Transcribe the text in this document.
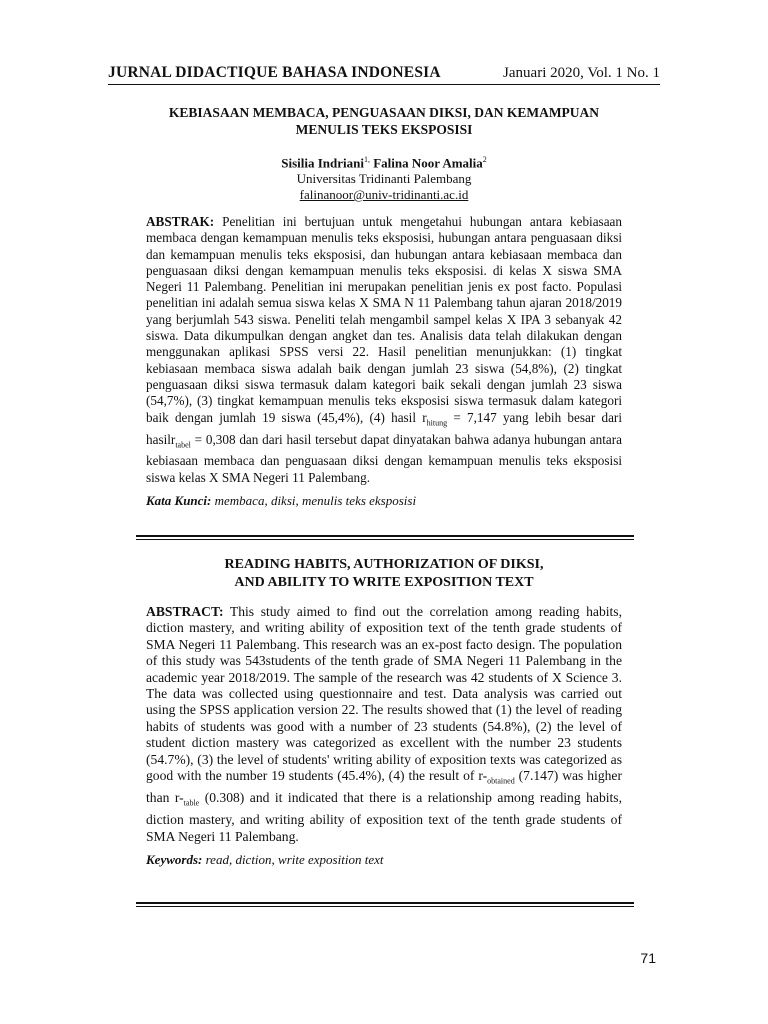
JURNAL DIDACTIQUE BAHASA INDONESIA	Januari 2020, Vol. 1 No. 1
KEBIASAAN MEMBACA, PENGUASAAN DIKSI, DAN KEMAMPUAN
MENULIS TEKS EKSPOSISI
Sisilia Indriani$^{1,}$ Falina Noor Amalia$^2$
Universitas Tridinanti Palembang
falinanoor@univ-tridinanti.ac.id
ABSTRAK: Penelitian ini bertujuan untuk mengetahui hubungan antara kebiasaan membaca dengan kemampuan menulis teks eksposisi, hubungan antara penguasaan diksi dan kemampuan menulis teks eksposisi, dan hubungan antara kebiasaan membaca dan penguasaan diksi dengan kemampuan menulis teks eksposisi. di kelas X siswa SMA Negeri 11 Palembang. Penelitian ini merupakan penelitian jenis ex post facto. Populasi penelitian ini adalah semua siswa kelas X SMA N 11 Palembang tahun ajaran 2018/2019 yang berjumlah 543 siswa. Peneliti telah mengambil sampel kelas X IPA 3 sebanyak 42 siswa. Data dikumpulkan dengan angket dan tes. Analisis data telah dilakukan dengan menggunakan aplikasi SPSS versi 22. Hasil penelitian menunjukkan: (1) tingkat kebiasaan membaca siswa adalah baik dengan jumlah 23 siswa (54,8%), (2) tingkat penguasaan diksi siswa termasuk dalam kategori baik sekali dengan jumlah 23 siswa (54,7%), (3) tingkat kemampuan menulis teks eksposisi siswa termasuk dalam kategori baik dengan jumlah 19 siswa (45,4%), (4) hasil $r_{hitung} = 7,147$ yang lebih besar dari hasilr$_{tabel}$ = 0,308 dan dari hasil tersebut dapat dinyatakan bahwa adanya hubungan antara kebiasaan membaca dan penguasaan diksi dengan kemampuan menulis teks eksposisi siswa kelas X SMA Negeri 11 Palembang.
Kata Kunci: membaca, diksi, menulis teks eksposisi
READING HABITS, AUTHORIZATION OF DIKSI,
AND ABILITY TO WRITE EXPOSITION TEXT
ABSTRACT: This study aimed to find out the correlation among reading habits, diction mastery, and writing ability of exposition text of the tenth grade students of SMA Negeri 11 Palembang. This research was an ex-post facto design. The population of this study was 543students of the tenth grade of SMA Negeri 11 Palembang in the academic year 2018/2019. The sample of the research was 42 students of X Science 3. The data was collected using questionnaire and test. Data analysis was carried out using the SPSS application version 22. The results showed that (1) the level of reading habits of students was good with a number of 23 students (54.8%), (2) the level of student diction mastery was categorized as excellent with the number 23 students (54.7%), (3) the level of students' writing ability of exposition texts was categorized as good with the number 19 students (45.4%), (4) the result of $r-_{obtained}$ (7.147) was higher than $r-_{table}$ (0.308) and it indicated that there is a relationship among reading habits, diction mastery, and writing ability of exposition text of the tenth grade students of SMA Negeri 11 Palembang.
Keywords: read, diction, write exposition text
71
